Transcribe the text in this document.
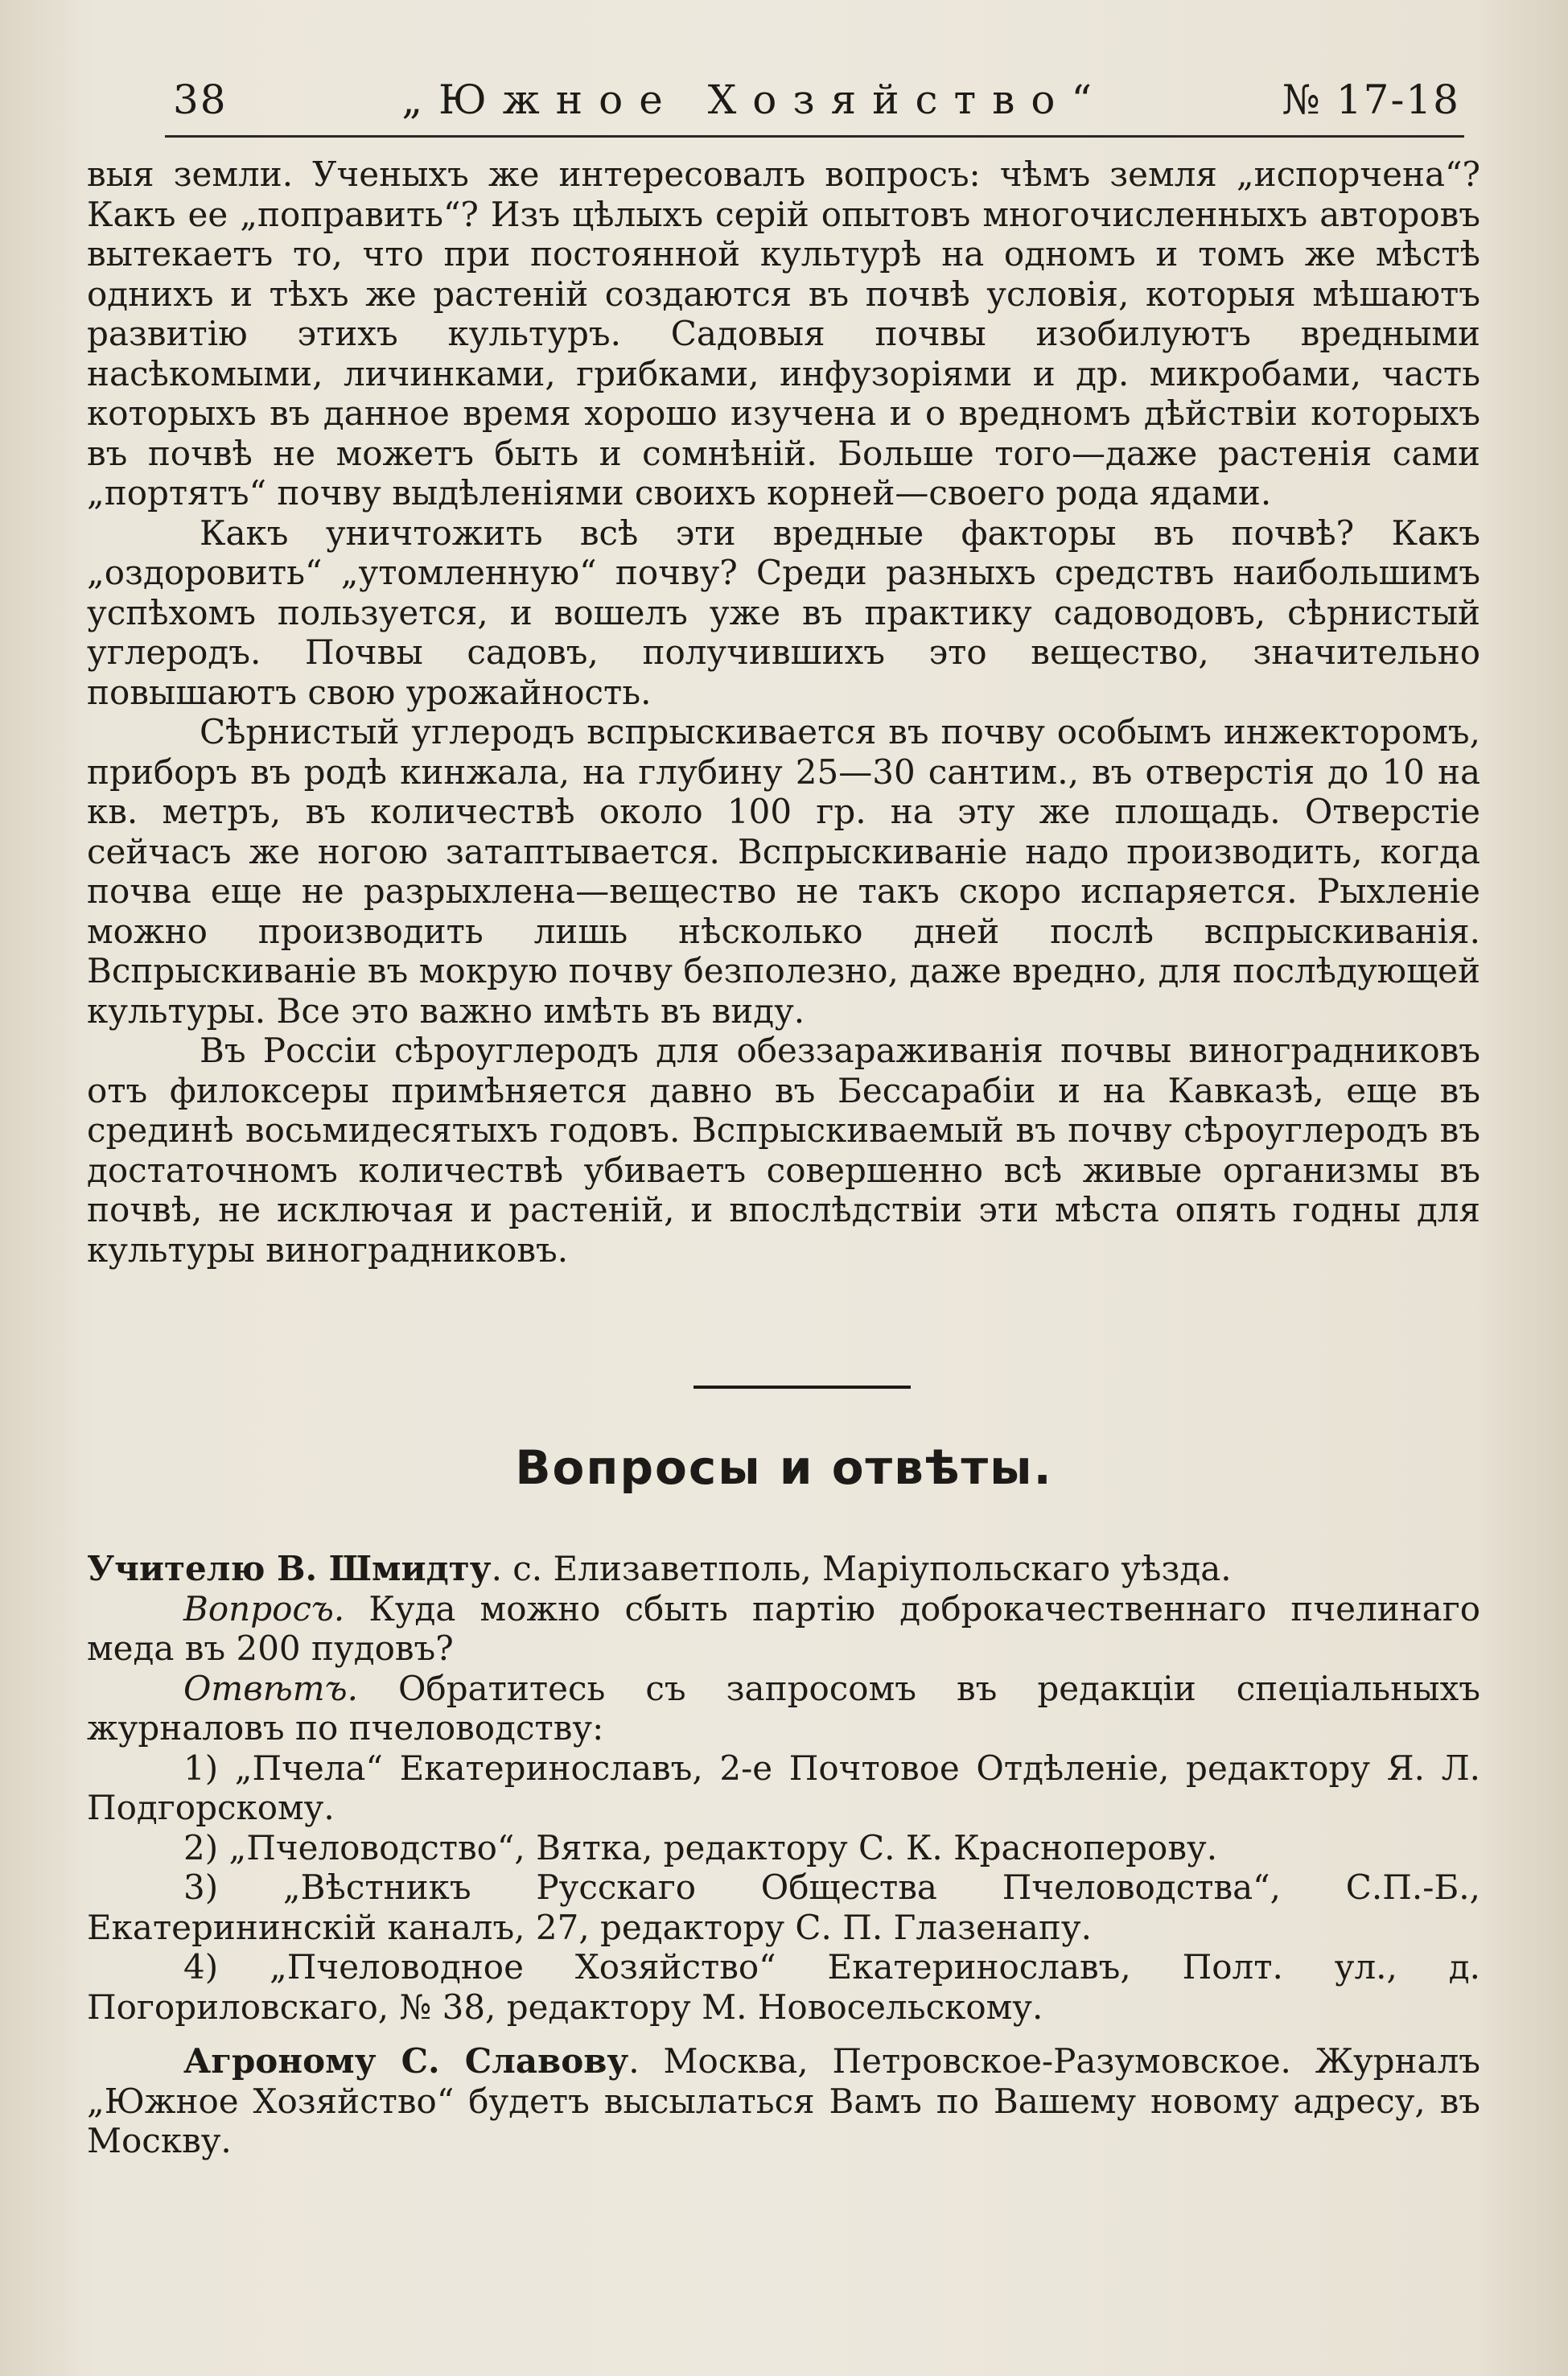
38	„Южное Хозяйство“	№ 17-18

выя земли. Ученыхъ же интересовалъ вопросъ: чѣмъ земля „испорчена“? Какъ ее „поправить“? Изъ цѣлыхъ серій опытовъ многочисленныхъ авторовъ вытекаетъ то, что при постоянной культурѣ на одномъ и томъ же мѣстѣ однихъ и тѣхъ же растеній создаются въ почвѣ условія, которыя мѣшаютъ развитію этихъ культуръ. Садовыя почвы изобилуютъ вредными насѣкомыми, личинками, грибками, инфузоріями и др. микробами, часть которыхъ въ данное время хорошо изучена и о вредномъ дѣйствіи которыхъ въ почвѣ не можетъ быть и сомнѣній. Больше того—даже растенія сами „портятъ“ почву выдѣленіями своихъ корней—своего рода ядами.

Какъ уничтожить всѣ эти вредные факторы въ почвѣ? Какъ „оздоровить“ „утомленную“ почву? Среди разныхъ средствъ наибольшимъ успѣхомъ пользуется, и вошелъ уже въ практику садоводовъ, сѣрнистый углеродъ. Почвы садовъ, получившихъ это вещество, значительно повышаютъ свою урожайность.

Сѣрнистый углеродъ вспрыскивается въ почву особымъ инжекторомъ, приборъ въ родѣ кинжала, на глубину 25—30 сантим., въ отверстія до 10 на кв. метръ, въ количествѣ около 100 гр. на эту же площадь. Отверстіе сейчасъ же ногою затаптывается. Вспрыскиваніе надо производить, когда почва еще не разрыхлена—вещество не такъ скоро испаряется. Рыхленіе можно производить лишь нѣсколько дней послѣ вспрыскиванія. Вспрыскиваніе въ мокрую почву безполезно, даже вредно, для послѣдующей культуры. Все это важно имѣть въ виду.

Въ Россіи сѣроуглеродъ для обеззараживанія почвы виноградниковъ отъ филоксеры примѣняется давно въ Бессарабіи и на Кавказѣ, еще въ срединѣ восьмидесятыхъ годовъ. Вспрыскиваемый въ почву сѣроуглеродъ въ достаточномъ количествѣ убиваетъ совершенно всѣ живые организмы въ почвѣ, не исключая и растеній, и впослѣдствіи эти мѣста опять годны для культуры виноградниковъ.

Вопросы и отвѣты.

Учителю В. Шмидту. с. Елизаветполь, Маріупольскаго уѣзда.

Вопросъ. Куда можно сбыть партію доброкачественнаго пчелинаго меда въ 200 пудовъ?

Отвѣтъ. Обратитесь съ запросомъ въ редакціи спеціальныхъ журналовъ по пчеловодству:

1) „Пчела“ Екатеринославъ, 2-е Почтовое Отдѣленіе, редактору Я. Л. Подгорскому.

2) „Пчеловодство“, Вятка, редактору С. К. Красноперову.

3) „Вѣстникъ Русскаго Общества Пчеловодства“, С.П.-Б., Екатерининскій каналъ, 27, редактору С. П. Глазенапу.

4) „Пчеловодное Хозяйство“ Екатеринославъ, Полт. ул., д. Погориловскаго, № 38, редактору М. Новосельскому.

Агроному С. Славову. Москва, Петровское-Разумовское. Журналъ „Южное Хозяйство“ будетъ высылаться Вамъ по Вашему новому адресу, въ Москву.
